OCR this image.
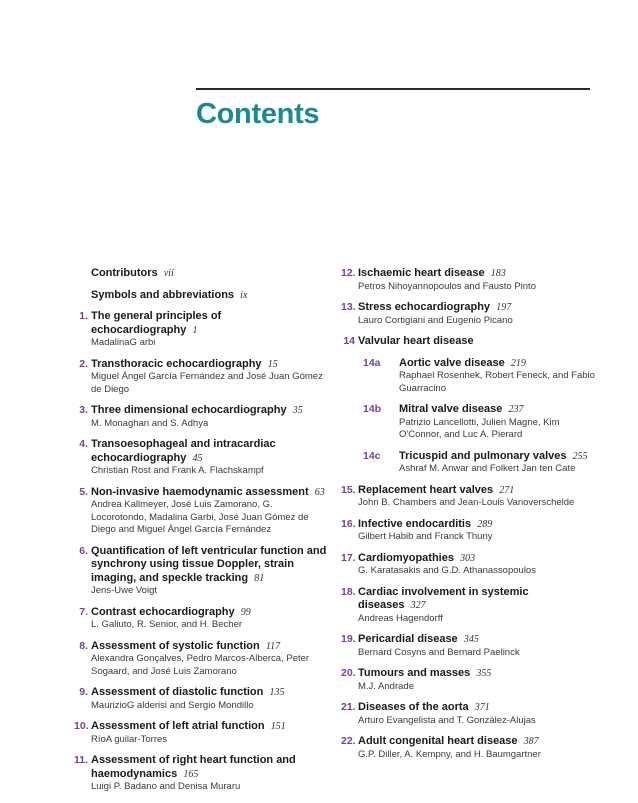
Contents
Contributors vii
Symbols and abbreviations ix
1. The general principles of echocardiography 1
MadalinaG arbi
2. Transthoracic echocardiography 15
Miguel Ángel García Fernández and José Juan Gómez de Diego
3. Three dimensional echocardiography 35
M. Monaghan and S. Adhya
4. Transoesophageal and intracardiac echocardiography 45
Christian Rost and Frank A. Flachskampf
5. Non-invasive haemodynamic assessment 63
Andrea Kallmeyer, José Luis Zamorano, G. Locorotondo, Madalina Garbi, José Juan Gómez de Diego and Miguel Ángel García Fernández
6. Quantification of left ventricular function and synchrony using tissue Doppler, strain imaging, and speckle tracking 81
Jens-Uwe Voigt
7. Contrast echocardiography 99
L. Galiuto, R. Senior, and H. Becher
8. Assessment of systolic function 117
Alexandra Gonçalves, Pedro Marcos-Alberca, Peter Sogaard, and José Luis Zamorano
9. Assessment of diastolic function 135
MaurizioG alderisi and Sergio Mondillo
10. Assessment of left atrial function 151
RíoA guilar-Torres
11. Assessment of right heart function and haemodynamics 165
Luigi P. Badano and Denisa Muraru
12. Ischaemic heart disease 183
Petros Nihoyannopoulos and Fausto Pinto
13. Stress echocardiography 197
Lauro Cortigiani and Eugenio Picano
14 Valvular heart disease
14a Aortic valve disease 219
Raphael Rosenhek, Robert Feneck, and Fabio Guarracino
14b Mitral valve disease 237
Patrizio Lancellotti, Julien Magne, Kim O'Connor, and Luc A. Pierard
14c Tricuspid and pulmonary valves 255
Ashraf M. Anwar and Folkert Jan ten Cate
15. Replacement heart valves 271
John B. Chambers and Jean-Louis Vanoverschelde
16. Infective endocarditis 289
Gilbert Habib and Franck Thuny
17. Cardiomyopathies 303
G. Karatasakis and G.D. Athanassopoulos
18. Cardiac involvement in systemic diseases 327
Andreas Hagendorff
19. Pericardial disease 345
Bernard Cosyns and Bernard Paelinck
20. Tumours and masses 355
M.J. Andrade
21. Diseases of the aorta 371
Arturo Evangelista and T. González-Alujas
22. Adult congenital heart disease 387
G.P. Diller, A. Kempny, and H. Baumgartner
